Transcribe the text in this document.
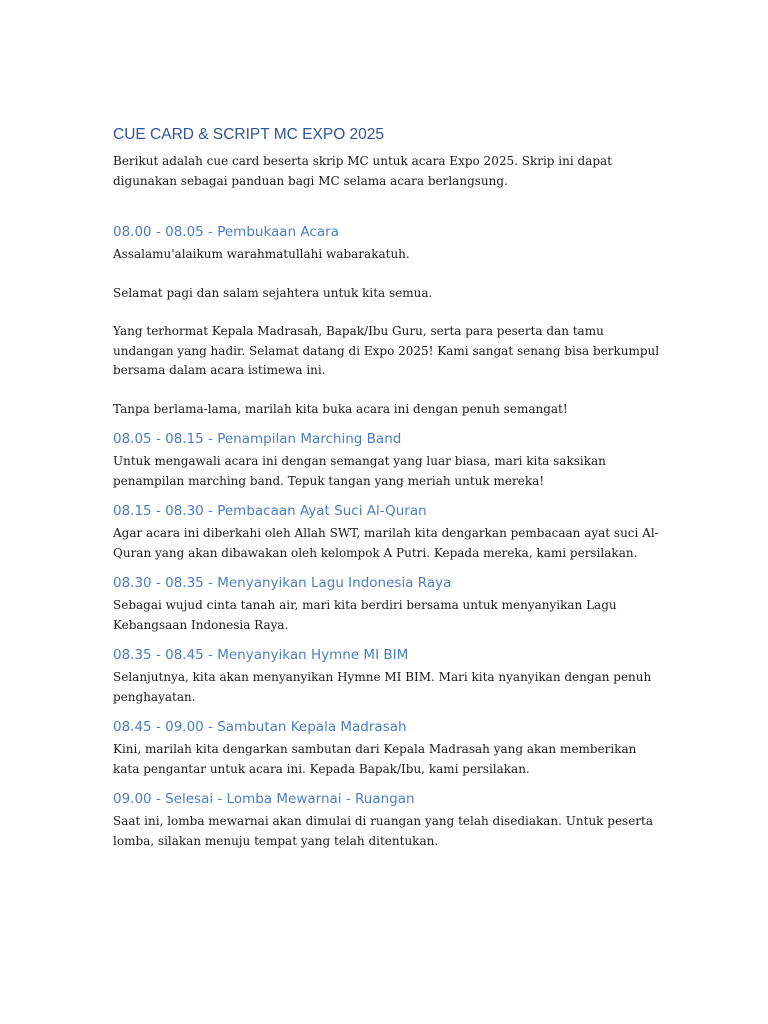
CUE CARD & SCRIPT MC EXPO 2025

Berikut adalah cue card beserta skrip MC untuk acara Expo 2025. Skrip ini dapat digunakan sebagai panduan bagi MC selama acara berlangsung.

08.00 - 08.05 - Pembukaan Acara

Assalamu'alaikum warahmatullahi wabarakatuh.

Selamat pagi dan salam sejahtera untuk kita semua.

Yang terhormat Kepala Madrasah, Bapak/Ibu Guru, serta para peserta dan tamu undangan yang hadir. Selamat datang di Expo 2025! Kami sangat senang bisa berkumpul bersama dalam acara istimewa ini.

Tanpa berlama-lama, marilah kita buka acara ini dengan penuh semangat!

08.05 - 08.15 - Penampilan Marching Band

Untuk mengawali acara ini dengan semangat yang luar biasa, mari kita saksikan penampilan marching band. Tepuk tangan yang meriah untuk mereka!

08.15 - 08.30 - Pembacaan Ayat Suci Al-Quran

Agar acara ini diberkahi oleh Allah SWT, marilah kita dengarkan pembacaan ayat suci Al-Quran yang akan dibawakan oleh kelompok A Putri. Kepada mereka, kami persilakan.

08.30 - 08.35 - Menyanyikan Lagu Indonesia Raya

Sebagai wujud cinta tanah air, mari kita berdiri bersama untuk menyanyikan Lagu Kebangsaan Indonesia Raya.

08.35 - 08.45 - Menyanyikan Hymne MI BIM

Selanjutnya, kita akan menyanyikan Hymne MI BIM. Mari kita nyanyikan dengan penuh penghayatan.

08.45 - 09.00 - Sambutan Kepala Madrasah

Kini, marilah kita dengarkan sambutan dari Kepala Madrasah yang akan memberikan kata pengantar untuk acara ini. Kepada Bapak/Ibu, kami persilakan.

09.00 - Selesai - Lomba Mewarnai - Ruangan

Saat ini, lomba mewarnai akan dimulai di ruangan yang telah disediakan. Untuk peserta lomba, silakan menuju tempat yang telah ditentukan.
